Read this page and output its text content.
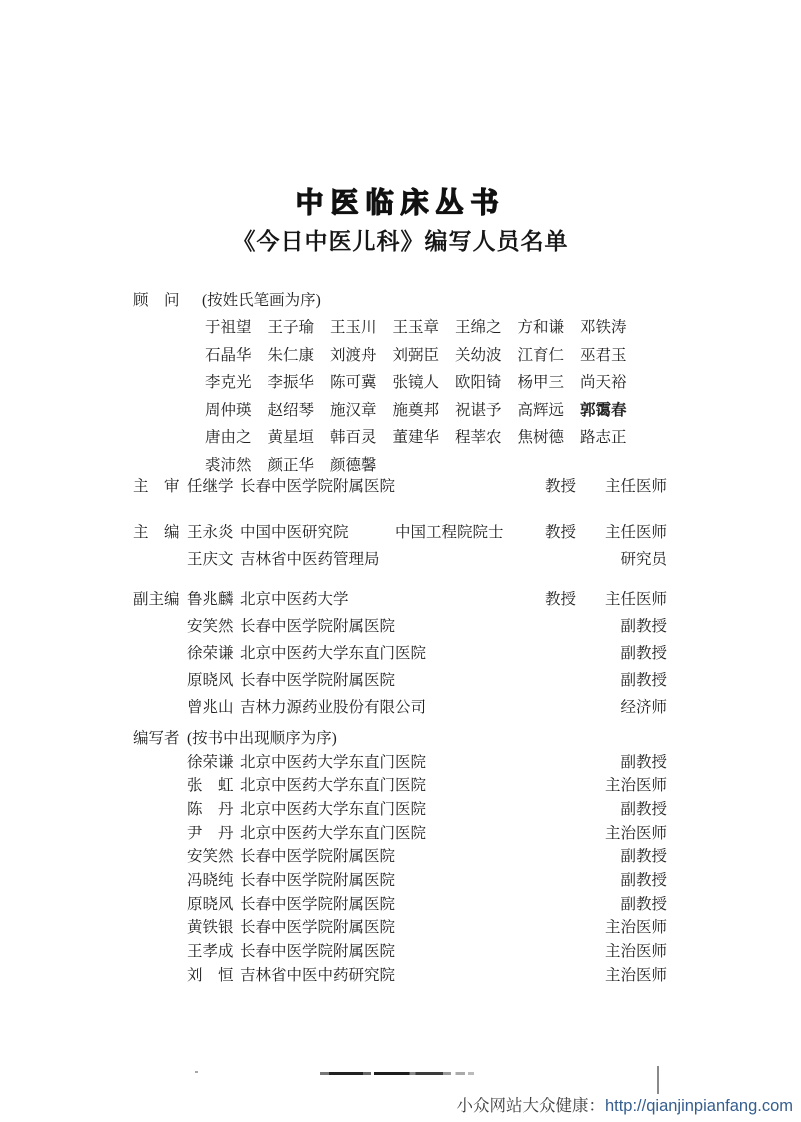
中医临床丛书
《今日中医儿科》编写人员名单
顾　问 (按姓氏笔画为序)
于祖望 王子瑜 王玉川 王玉章 王绵之 方和谦 邓铁涛
石晶华 朱仁康 刘渡舟 刘弼臣 关幼波 江育仁 巫君玉
李克光 李振华 陈可冀 张镜人 欧阳锜 杨甲三 尚天裕
周仲瑛 赵绍琴 施汉章 施奠邦 祝谌予 高辉远 郭霭春
唐由之 黄星垣 韩百灵 董建华 程莘农 焦树德 路志正
裘沛然 颜正华 颜德馨
主　审 任继学 长春中医学院附属医院	教授 主任医师
主　编 王永炎 中国中医研究院	中国工程院院士	教授 主任医师
王庆文 吉林省中医药管理局	研究员
副主编 鲁兆麟 北京中医药大学	教授 主任医师
安笑然 长春中医学院附属医院	副教授
徐荣谦 北京中医药大学东直门医院	副教授
原晓风 长春中医学院附属医院	副教授
曾兆山 吉林力源药业股份有限公司	经济师
编写者 (按书中出现顺序为序)
徐荣谦 北京中医药大学东直门医院	副教授
张　虹 北京中医药大学东直门医院	主治医师
陈　丹 北京中医药大学东直门医院	副教授
尹　丹 北京中医药大学东直门医院	主治医师
安笑然 长春中医学院附属医院	副教授
冯晓纯 长春中医学院附属医院	副教授
原晓风 长春中医学院附属医院	副教授
黄铁银 长春中医学院附属医院	主治医师
王孝成 长春中医学院附属医院	主治医师
刘　恒 吉林省中医中药研究院	主治医师
小众网站大众健康：http://qianjinpianfang.com
